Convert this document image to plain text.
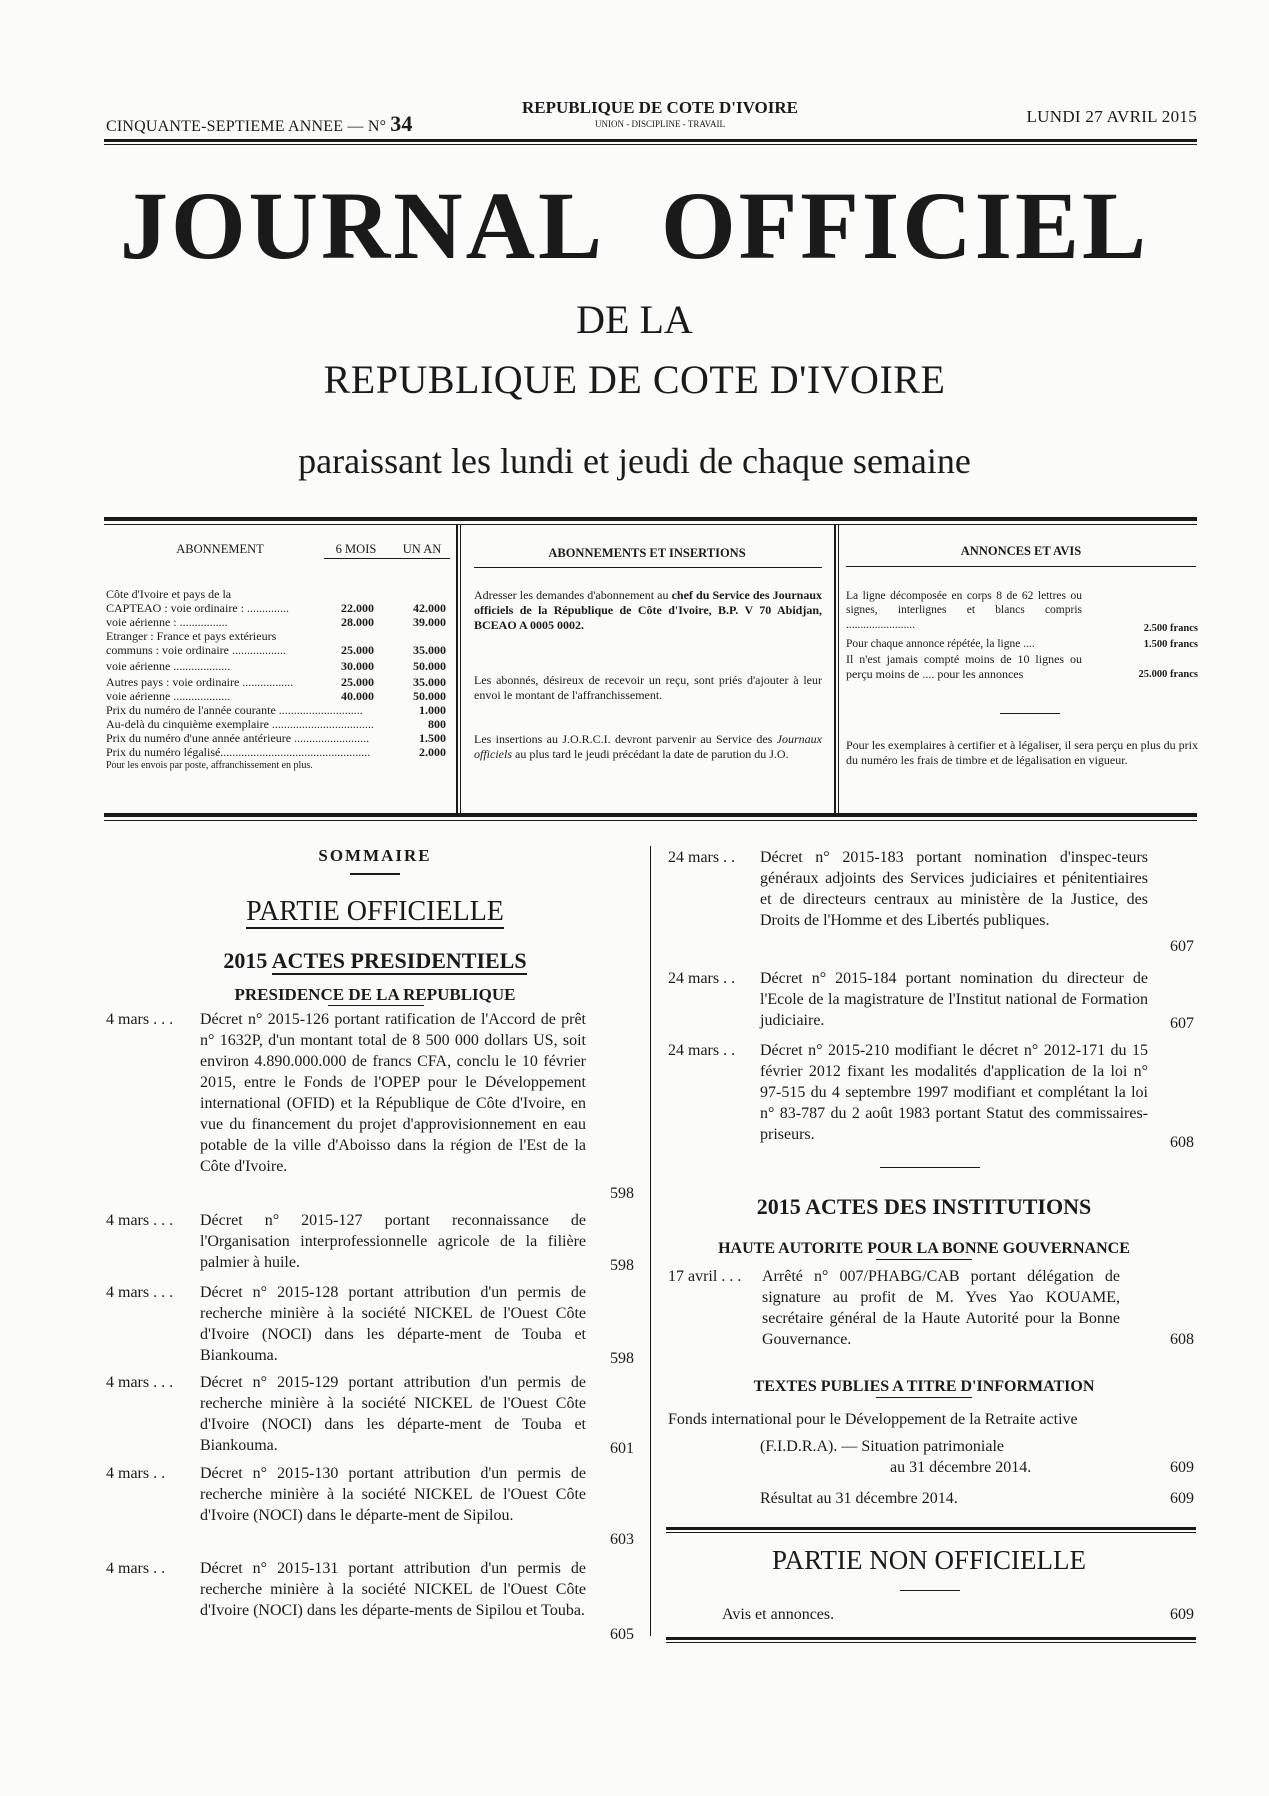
CINQUANTE-SEPTIEME ANNEE — N° 34
REPUBLIQUE DE COTE D'IVOIRE
UNION - DISCIPLINE - TRAVAIL	LUNDI 27 AVRIL 2015
JOURNAL OFFICIEL
DE LA
REPUBLIQUE DE COTE D'IVOIRE
paraissant les lundi et jeudi de chaque semaine
ABONNEMENT	6 MOIS	UN AN
Côte d'Ivoire et pays de la
CAPTEAO : voie ordinaire : ..............	22.000	42.000
voie aérienne : ................	28.000	39.000
Etranger : France et pays extérieurs
communs : voie ordinaire ..................	25.000	35.000
voie aérienne ...................	30.000	50.000
Autres pays : voie ordinaire .................	25.000	35.000
voie aérienne ...................	40.000	50.000
Prix du numéro de l'année courante ............................	1.000
Au-delà du cinquième exemplaire ..................................	800
Prix du numéro d'une année antérieure .........................	1.500
Prix du numéro légalisé..................................................	2.000
Pour les envois par poste, affranchissement en plus.
ABONNEMENTS ET INSERTIONS
Adresser les demandes d'abonnement au chef du Service des Journaux officiels de la République de Côte d'Ivoire, B.P. V 70 Abidjan, BCEAO A 0005 0002.
Les abonnés, désireux de recevoir un reçu, sont priés d'ajouter à leur envoi le montant de l'affranchissement.
Les insertions au J.O.R.C.I. devront parvenir au Service des Journaux officiels au plus tard le jeudi précédant la date de parution du J.O.
ANNONCES ET AVIS
La ligne décomposée en corps 8 de 62 lettres ou signes, interlignes et blancs compris ........................	2.500 francs
Pour chaque annonce répétée, la ligne ....	1.500 francs
Il n'est jamais compté moins de 10 lignes ou perçu moins de .... pour les annonces	25.000 francs
Pour les exemplaires à certifier et à légaliser, il sera perçu en plus du prix du numéro les frais de timbre et de légalisation en vigueur.
SOMMAIRE
PARTIE OFFICIELLE
2015 ACTES PRESIDENTIELS
PRESIDENCE DE LA REPUBLIQUE
4 mars . . . Décret n° 2015-126 portant ratification de l'Accord de prêt n° 1632P, d'un montant total de 8 500 000 dollars US, soit environ 4.890.000.000 de francs CFA, conclu le 10 février 2015, entre le Fonds de l'OPEP pour le Développement international (OFID) et la République de Côte d'Ivoire, en vue du financement du projet d'approvisionnement en eau potable de la ville d'Aboisso dans la région de l'Est de la Côte d'Ivoire.
598
4 mars . . . Décret n° 2015-127 portant reconnaissance de l'Organisation interprofessionnelle agricole de la filière palmier à huile.	598
4 mars . . . Décret n° 2015-128 portant attribution d'un permis de recherche minière à la société NICKEL de l'Ouest Côte d'Ivoire (NOCI) dans les départe-ment de Touba et Biankouma.	598
4 mars . . . Décret n° 2015-129 portant attribution d'un permis de recherche minière à la société NICKEL de l'Ouest Côte d'Ivoire (NOCI) dans les départe-ment de Touba et Biankouma.	601
4 mars . . Décret n° 2015-130 portant attribution d'un permis de recherche minière à la société NICKEL de l'Ouest Côte d'Ivoire (NOCI) dans le départe-ment de Sipilou.
603
4 mars . . Décret n° 2015-131 portant attribution d'un permis de recherche minière à la société NICKEL de l'Ouest Côte d'Ivoire (NOCI) dans les départe-ments de Sipilou et Touba.
605
24 mars . . Décret n° 2015-183 portant nomination d'inspec-teurs généraux adjoints des Services judiciaires et pénitentiaires et de directeurs centraux au ministère de la Justice, des Droits de l'Homme et des Libertés publiques.
607
24 mars . . Décret n° 2015-184 portant nomination du directeur de l'Ecole de la magistrature de l'Institut national de Formation judiciaire.	607
24 mars . . Décret n° 2015-210 modifiant le décret n° 2012-171 du 15 février 2012 fixant les modalités d'application de la loi n° 97-515 du 4 septembre 1997 modifiant et complétant la loi n° 83-787 du 2 août 1983 portant Statut des commissaires-priseurs.	608
2015 ACTES DES INSTITUTIONS
HAUTE AUTORITE POUR LA BONNE GOUVERNANCE
17 avril . . . Arrêté n° 007/PHABG/CAB portant délégation de signature au profit de M. Yves Yao KOUAME, secrétaire général de la Haute Autorité pour la Bonne Gouvernance.	608
TEXTES PUBLIES A TITRE D'INFORMATION
Fonds international pour le Développement de la Retraite active
(F.I.D.R.A). — Situation patrimoniale
au 31 décembre 2014.	609
Résultat au 31 décembre 2014.	609
PARTIE NON OFFICIELLE
Avis et annonces.	609
